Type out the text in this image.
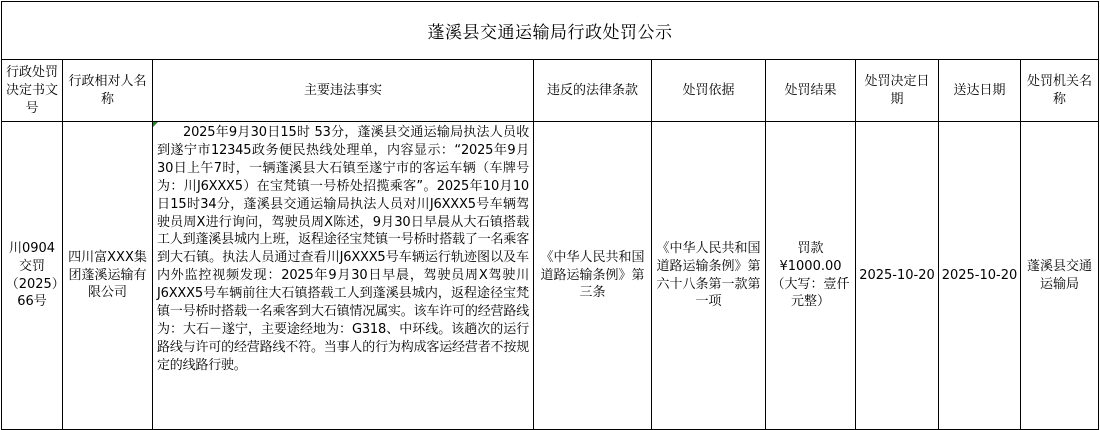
蓬溪县交通运输局行政处罚公示								
行政处罚决定书文号	行政相对人名称	主要违法事实	违反的法律条款	处罚依据	处罚结果	处罚决定日期	送达日期	处罚机关名称
川0904交罚（2025）66号	四川富XXX集团蓬溪运输有限公司	2025年9月30日15时 53分，蓬溪县交通运输局执法人员收到遂宁市12345政务便民热线处理单，内容显示：“2025年9月30日上午7时，一辆蓬溪县大石镇至遂宁市的客运车辆（车牌号为：川J6XXX5）在宝梵镇一号桥处招揽乘客”。2025年10月10日15时34分，蓬溪县交通运输局执法人员对川J6XXX5号车辆驾驶员周X进行询问，驾驶员周X陈述，9月30日早晨从大石镇搭载工人到蓬溪县城内上班，返程途径宝梵镇一号桥时搭载了一名乘客到大石镇。执法人员通过查看川J6XXX5号车辆运行轨迹图以及车内外监控视频发现：2025年9月30日早晨，驾驶员周X驾驶川J6XXX5号车辆前往大石镇搭载工人到蓬溪县城内，返程途径宝梵镇一号桥时搭载一名乘客到大石镇情况属实。该车许可的经营路线为：大石－遂宁，主要途经地为：G318、中环线。该趟次的运行路线与许可的经营路线不符。当事人的行为构成客运经营者不按规定的线路行驶。	《中华人民共和国道路运输条例》第三条	《中华人民共和国道路运输条例》第六十八条第一款第一项	罚款¥1000.00（大写：壹仟元整）	2025-10-20	2025-10-20	蓬溪县交通运输局
